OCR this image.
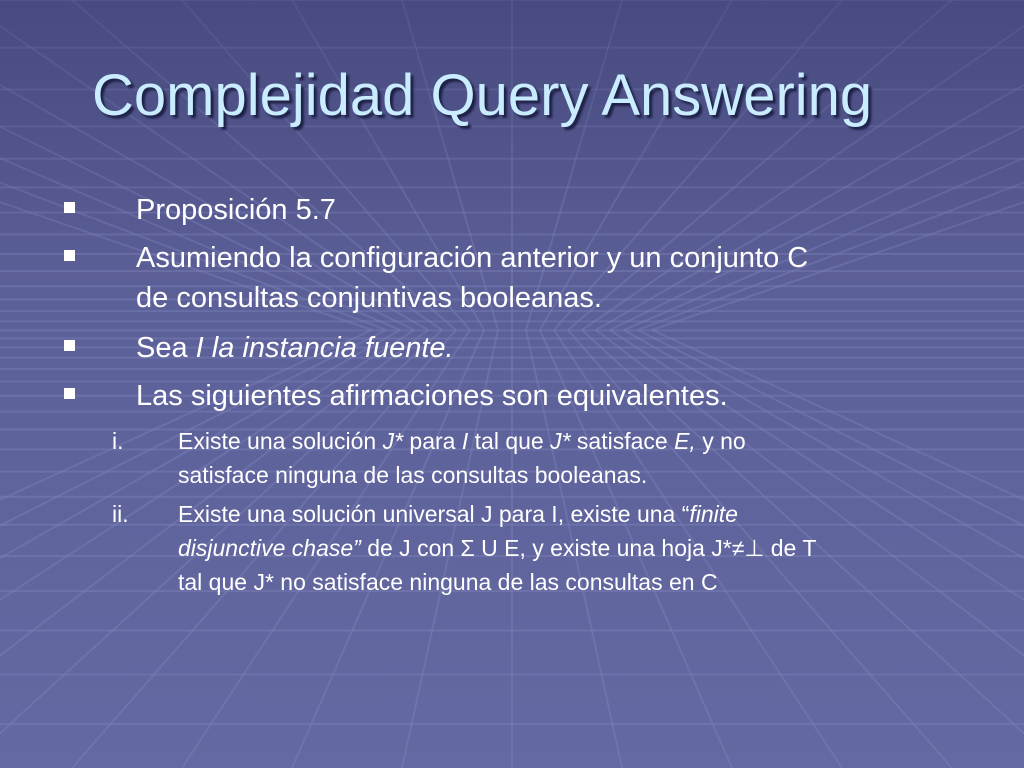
Complejidad Query Answering
Proposición 5.7
Asumiendo la configuración anterior y un conjunto C
de consultas conjuntivas booleanas.
Sea I la instancia fuente.
Las siguientes afirmaciones son equivalentes.
i. Existe una solución J* para I tal que J* satisface E, y no
satisface ninguna de las consultas booleanas.
ii. Existe una solución universal J para I, existe una “finite
disjunctive chase” de J con Σ U E, y existe una hoja J*≠⊥ de T
tal que J* no satisface ninguna de las consultas en C
